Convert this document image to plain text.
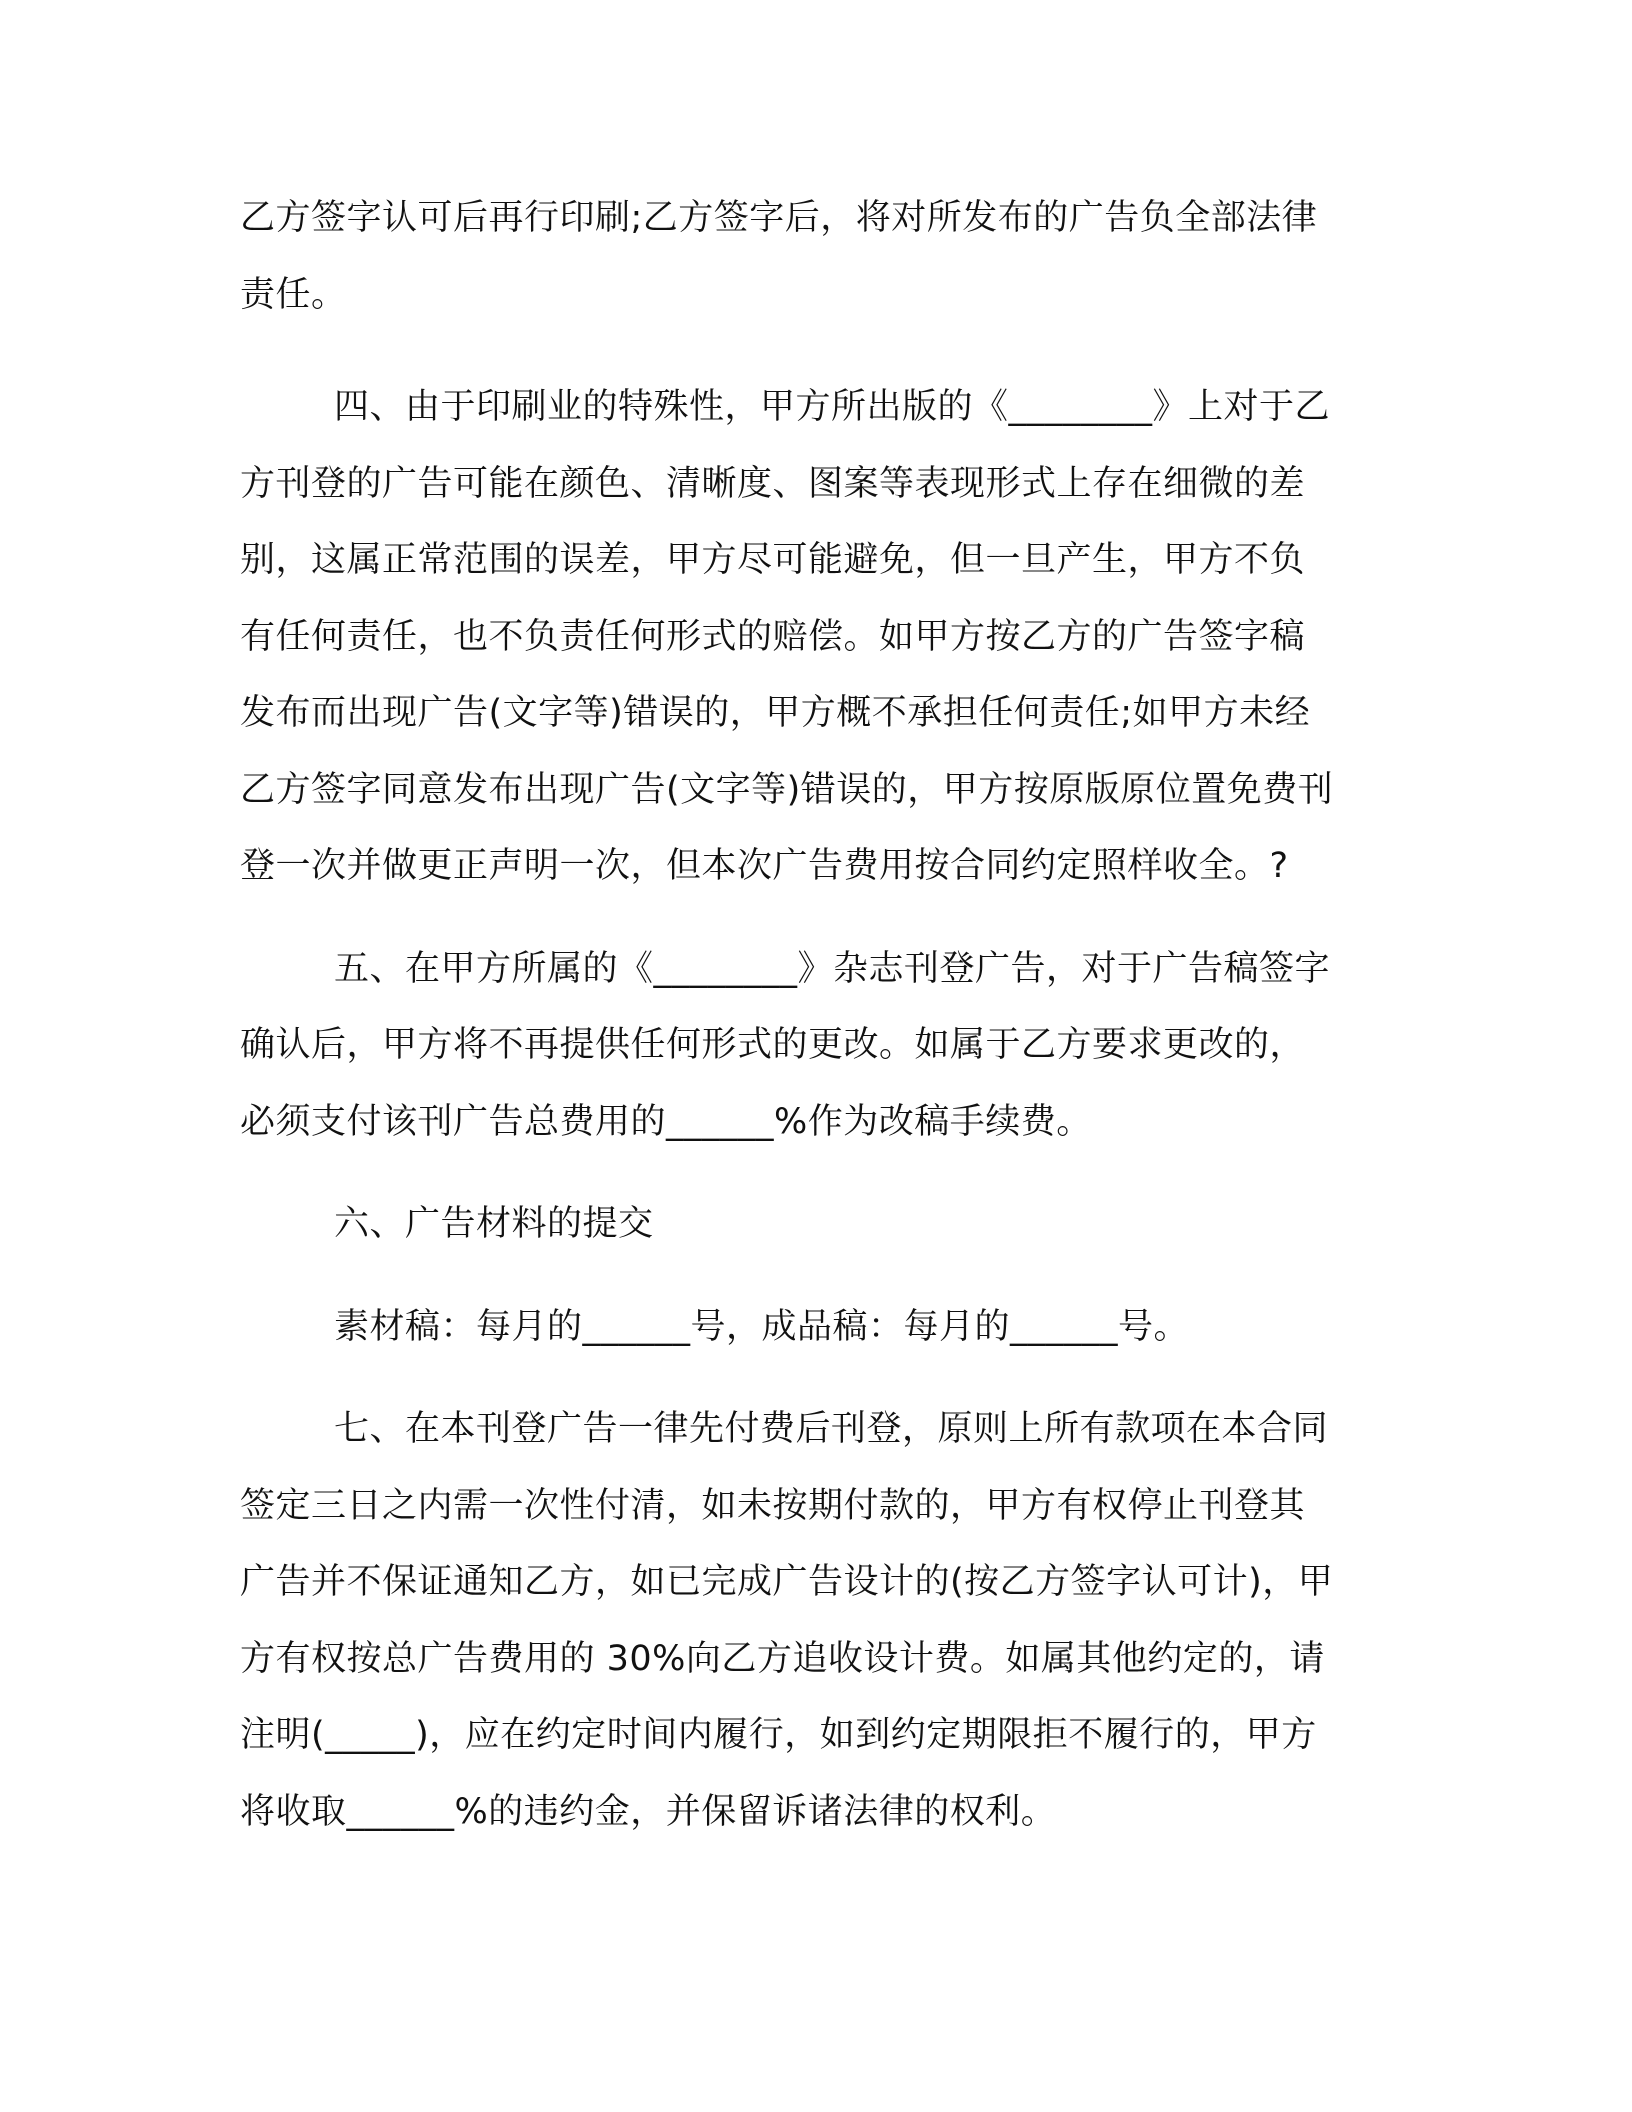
乙方签字认可后再行印刷;乙方签字后，将对所发布的广告负全部法律
责任。

四、由于印刷业的特殊性，甲方所出版的《________》上对于乙
方刊登的广告可能在颜色、清晰度、图案等表现形式上存在细微的差
别，这属正常范围的误差，甲方尽可能避免，但一旦产生，甲方不负
有任何责任，也不负责任何形式的赔偿。如甲方按乙方的广告签字稿
发布而出现广告(文字等)错误的，甲方概不承担任何责任;如甲方未经
乙方签字同意发布出现广告(文字等)错误的，甲方按原版原位置免费刊
登一次并做更正声明一次，但本次广告费用按合同约定照样收全。?

五、在甲方所属的《________》杂志刊登广告，对于广告稿签字
确认后，甲方将不再提供任何形式的更改。如属于乙方要求更改的，
必须支付该刊广告总费用的______%作为改稿手续费。

六、广告材料的提交

素材稿：每月的______号，成品稿：每月的______号。

七、在本刊登广告一律先付费后刊登，原则上所有款项在本合同
签定三日之内需一次性付清，如未按期付款的，甲方有权停止刊登其
广告并不保证通知乙方，如已完成广告设计的(按乙方签字认可计)，甲
方有权按总广告费用的 30%向乙方追收设计费。如属其他约定的，请
注明(_____)，应在约定时间内履行，如到约定期限拒不履行的，甲方
将收取______%的违约金，并保留诉诸法律的权利。
